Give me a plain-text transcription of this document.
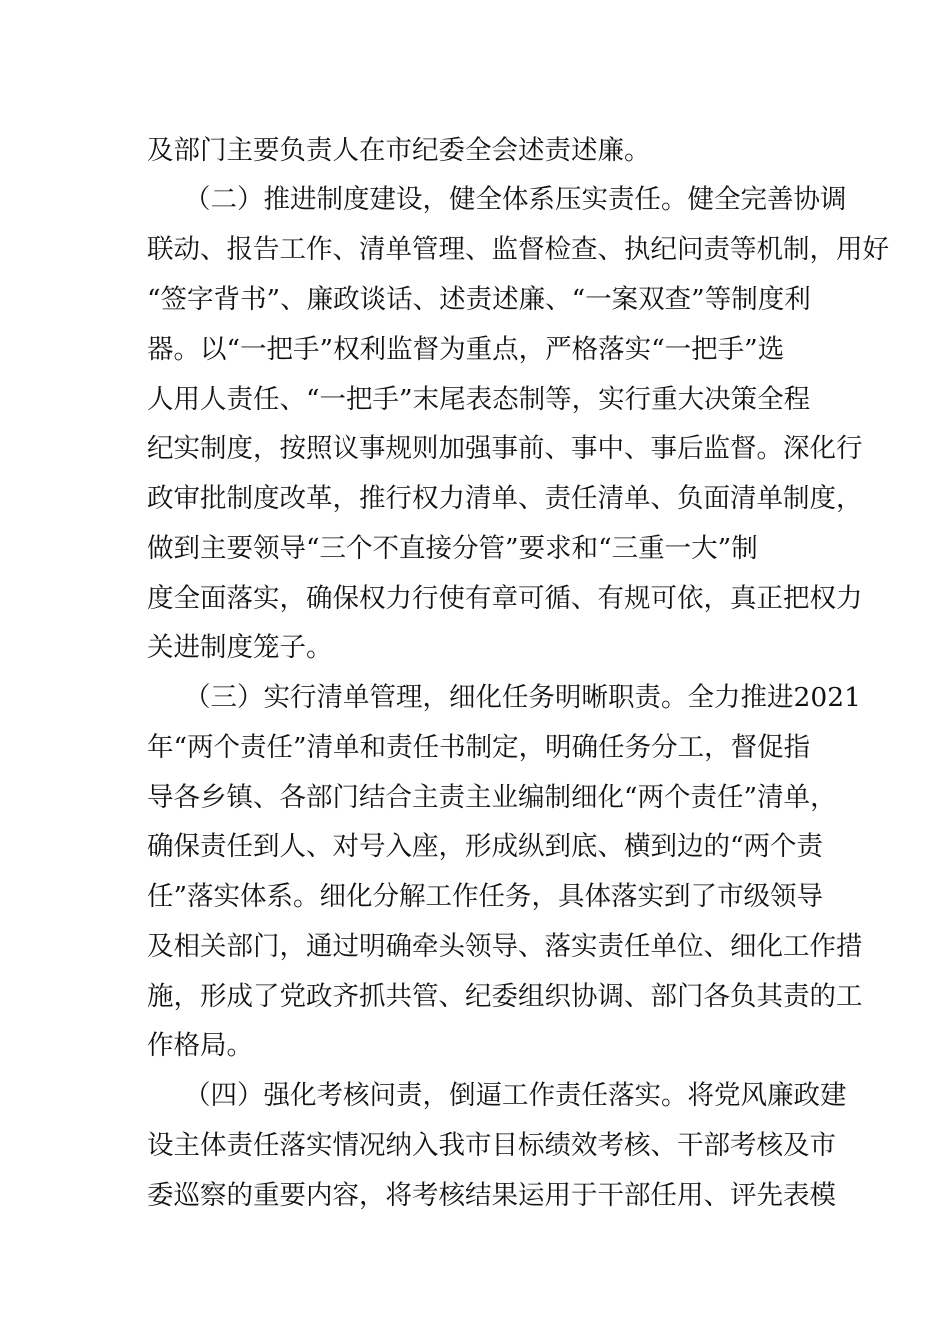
及部门主要负责人在市纪委全会述责述廉。
（二）推进制度建设，健全体系压实责任。健全完善协调
联动、报告工作、清单管理、监督检查、执纪问责等机制，用好
“签字背书”、廉政谈话、述责述廉、“一案双查”等制度利
器。以“一把手”权利监督为重点，严格落实“一把手”选
人用人责任、“一把手”末尾表态制等，实行重大决策全程
纪实制度，按照议事规则加强事前、事中、事后监督。深化行
政审批制度改革，推行权力清单、责任清单、负面清单制度，
做到主要领导“三个不直接分管”要求和“三重一大”制
度全面落实，确保权力行使有章可循、有规可依，真正把权力
关进制度笼子。
（三）实行清单管理，细化任务明晰职责。全力推进2021
年“两个责任”清单和责任书制定，明确任务分工，督促指
导各乡镇、各部门结合主责主业编制细化“两个责任”清单，
确保责任到人、对号入座，形成纵到底、横到边的“两个责
任”落实体系。细化分解工作任务，具体落实到了市级领导
及相关部门，通过明确牵头领导、落实责任单位、细化工作措
施，形成了党政齐抓共管、纪委组织协调、部门各负其责的工
作格局。
（四）强化考核问责，倒逼工作责任落实。将党风廉政建
设主体责任落实情况纳入我市目标绩效考核、干部考核及市
委巡察的重要内容，将考核结果运用于干部任用、评先表模
